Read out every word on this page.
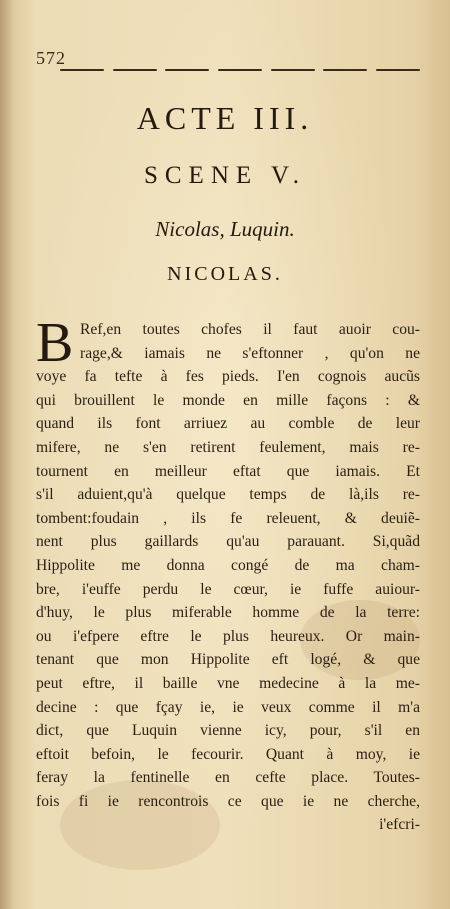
572
ACTE III.
SCENE V.
Nicolas, Luquin.
NICOLAS.
B Ref,en toutes chofes il faut auoir cou-
rage,& iamais ne s'eftonner , qu'on ne
voye fa tefte à fes pieds. I'en cognois aucũs
qui brouillent le monde en mille façons : &
quand ils font arriuez au comble de leur
mifere, ne s'en retirent feulement, mais re-
tournent en meilleur eftat que iamais. Et
s'il aduient,qu'à quelque temps de là,ils re-
tombent:foudain , ils fe releuent, & deuiẽ-
nent plus gaillards qu'au parauant. Si,quãd
Hippolite me donna congé de ma cham-
bre, i'euffe perdu le cœur, ie fuffe auiour-
d'huy, le plus miferable homme de la terre:
ou i'efpere eftre le plus heureux. Or main-
tenant que mon Hippolite eft logé, & que
peut eftre, il baille vne medecine à la me-
decine : que fçay ie, ie veux comme il m'a
dict, que Luquin vienne icy, pour, s'il en
eftoit befoin, le fecourir. Quant à moy, ie
feray la fentinelle en cefte place. Toutes-
fois fi ie rencontrois ce que ie ne cherche,
i'efcri-
